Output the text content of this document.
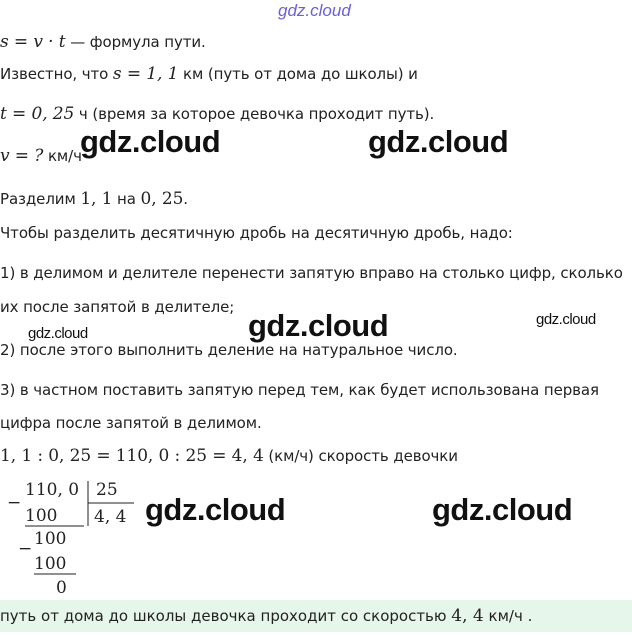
gdz.cloud
s = v · t — формула пути.
Известно, что s = 1, 1 км (путь от дома до школы) и
t = 0, 25 ч (время за которое девочка проходит путь).
v = ? км/ч
Разделим 1, 1 на 0, 25.
Чтобы разделить десятичную дробь на десятичную дробь, надо:
1) в делимом и делителе перенести запятую вправо на столько цифр, сколько
их после запятой в делителе;
2) после этого выполнить деление на натуральное число.
3) в частном поставить запятую перед тем, как будет использована первая
цифра после запятой в делимом.
1, 1 : 0, 25 = 110, 0 : 25 = 4, 4 (км/ч) скорость девочки
−
110, 0 25
4, 4
100
− 100
100
0
путь от дома до школы девочка проходит со скоростью 4, 4 км/ч .
gdz.cloud	gdz.cloud
gdz.cloud
gdz.cloud
gdz.cloud
gdz.cloud	gdz.cloud
